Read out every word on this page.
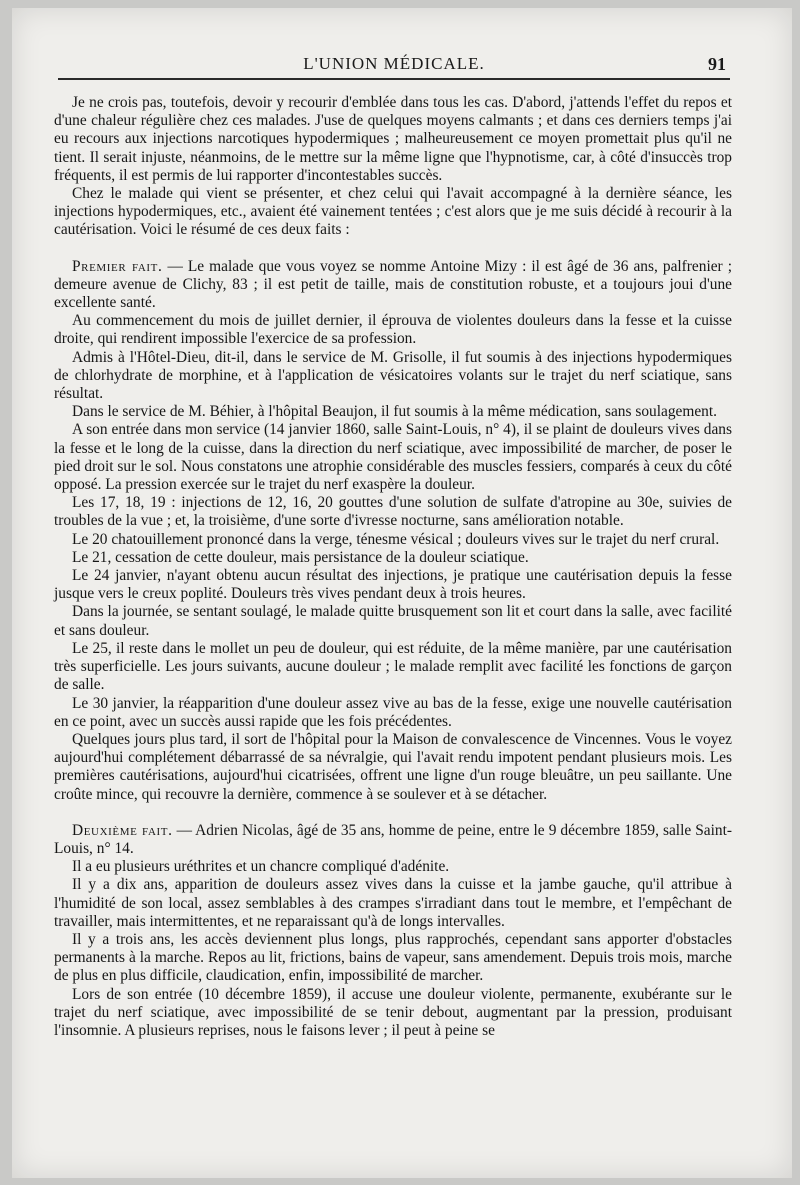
L'UNION MÉDICALE.	91

Je ne crois pas, toutefois, devoir y recourir d'emblée dans tous les cas. D'abord, j'attends l'effet du repos et d'une chaleur régulière chez ces malades. J'use de quelques moyens calmants ; et dans ces derniers temps j'ai eu recours aux injections narcotiques hypodermiques ; malheureusement ce moyen promettait plus qu'il ne tient. Il serait injuste, néanmoins, de le mettre sur la même ligne que l'hypnotisme, car, à côté d'insuccès trop fréquents, il est permis de lui rapporter d'incontestables succès.

Chez le malade qui vient se présenter, et chez celui qui l'avait accompagné à la dernière séance, les injections hypodermiques, etc., avaient été vainement tentées ; c'est alors que je me suis décidé à recourir à la cautérisation. Voici le résumé de ces deux faits :

Premier fait. — Le malade que vous voyez se nomme Antoine Mizy : il est âgé de 36 ans, palfrenier ; demeure avenue de Clichy, 83 ; il est petit de taille, mais de constitution robuste, et a toujours joui d'une excellente santé.

Au commencement du mois de juillet dernier, il éprouva de violentes douleurs dans la fesse et la cuisse droite, qui rendirent impossible l'exercice de sa profession.

Admis à l'Hôtel-Dieu, dit-il, dans le service de M. Grisolle, il fut soumis à des injections hypodermiques de chlorhydrate de morphine, et à l'application de vésicatoires volants sur le trajet du nerf sciatique, sans résultat.

Dans le service de M. Béhier, à l'hôpital Beaujon, il fut soumis à la même médication, sans soulagement.

A son entrée dans mon service (14 janvier 1860, salle Saint-Louis, n° 4), il se plaint de douleurs vives dans la fesse et le long de la cuisse, dans la direction du nerf sciatique, avec impossibilité de marcher, de poser le pied droit sur le sol. Nous constatons une atrophie considérable des muscles fessiers, comparés à ceux du côté opposé. La pression exercée sur le trajet du nerf exaspère la douleur.

Les 17, 18, 19 : injections de 12, 16, 20 gouttes d'une solution de sulfate d'atropine au 30e, suivies de troubles de la vue ; et, la troisième, d'une sorte d'ivresse nocturne, sans amélioration notable.

Le 20 chatouillement prononcé dans la verge, ténesme vésical ; douleurs vives sur le trajet du nerf crural.

Le 21, cessation de cette douleur, mais persistance de la douleur sciatique.

Le 24 janvier, n'ayant obtenu aucun résultat des injections, je pratique une cautérisation depuis la fesse jusque vers le creux poplité. Douleurs très vives pendant deux à trois heures.

Dans la journée, se sentant soulagé, le malade quitte brusquement son lit et court dans la salle, avec facilité et sans douleur.

Le 25, il reste dans le mollet un peu de douleur, qui est réduite, de la même manière, par une cautérisation très superficielle. Les jours suivants, aucune douleur ; le malade remplit avec facilité les fonctions de garçon de salle.

Le 30 janvier, la réapparition d'une douleur assez vive au bas de la fesse, exige une nouvelle cautérisation en ce point, avec un succès aussi rapide que les fois précédentes.

Quelques jours plus tard, il sort de l'hôpital pour la Maison de convalescence de Vincennes. Vous le voyez aujourd'hui complétement débarrassé de sa névralgie, qui l'avait rendu impotent pendant plusieurs mois. Les premières cautérisations, aujourd'hui cicatrisées, offrent une ligne d'un rouge bleuâtre, un peu saillante. Une croûte mince, qui recouvre la dernière, commence à se soulever et à se détacher.

Deuxième fait. — Adrien Nicolas, âgé de 35 ans, homme de peine, entre le 9 décembre 1859, salle Saint-Louis, n° 14.

Il a eu plusieurs uréthrites et un chancre compliqué d'adénite.

Il y a dix ans, apparition de douleurs assez vives dans la cuisse et la jambe gauche, qu'il attribue à l'humidité de son local, assez semblables à des crampes s'irradiant dans tout le membre, et l'empêchant de travailler, mais intermittentes, et ne reparaissant qu'à de longs intervalles.

Il y a trois ans, les accès deviennent plus longs, plus rapprochés, cependant sans apporter d'obstacles permanents à la marche. Repos au lit, frictions, bains de vapeur, sans amendement. Depuis trois mois, marche de plus en plus difficile, claudication, enfin, impossibilité de marcher.

Lors de son entrée (10 décembre 1859), il accuse une douleur violente, permanente, exubérante sur le trajet du nerf sciatique, avec impossibilité de se tenir debout, augmentant par la pression, produisant l'insomnie. A plusieurs reprises, nous le faisons lever ; il peut à peine se
